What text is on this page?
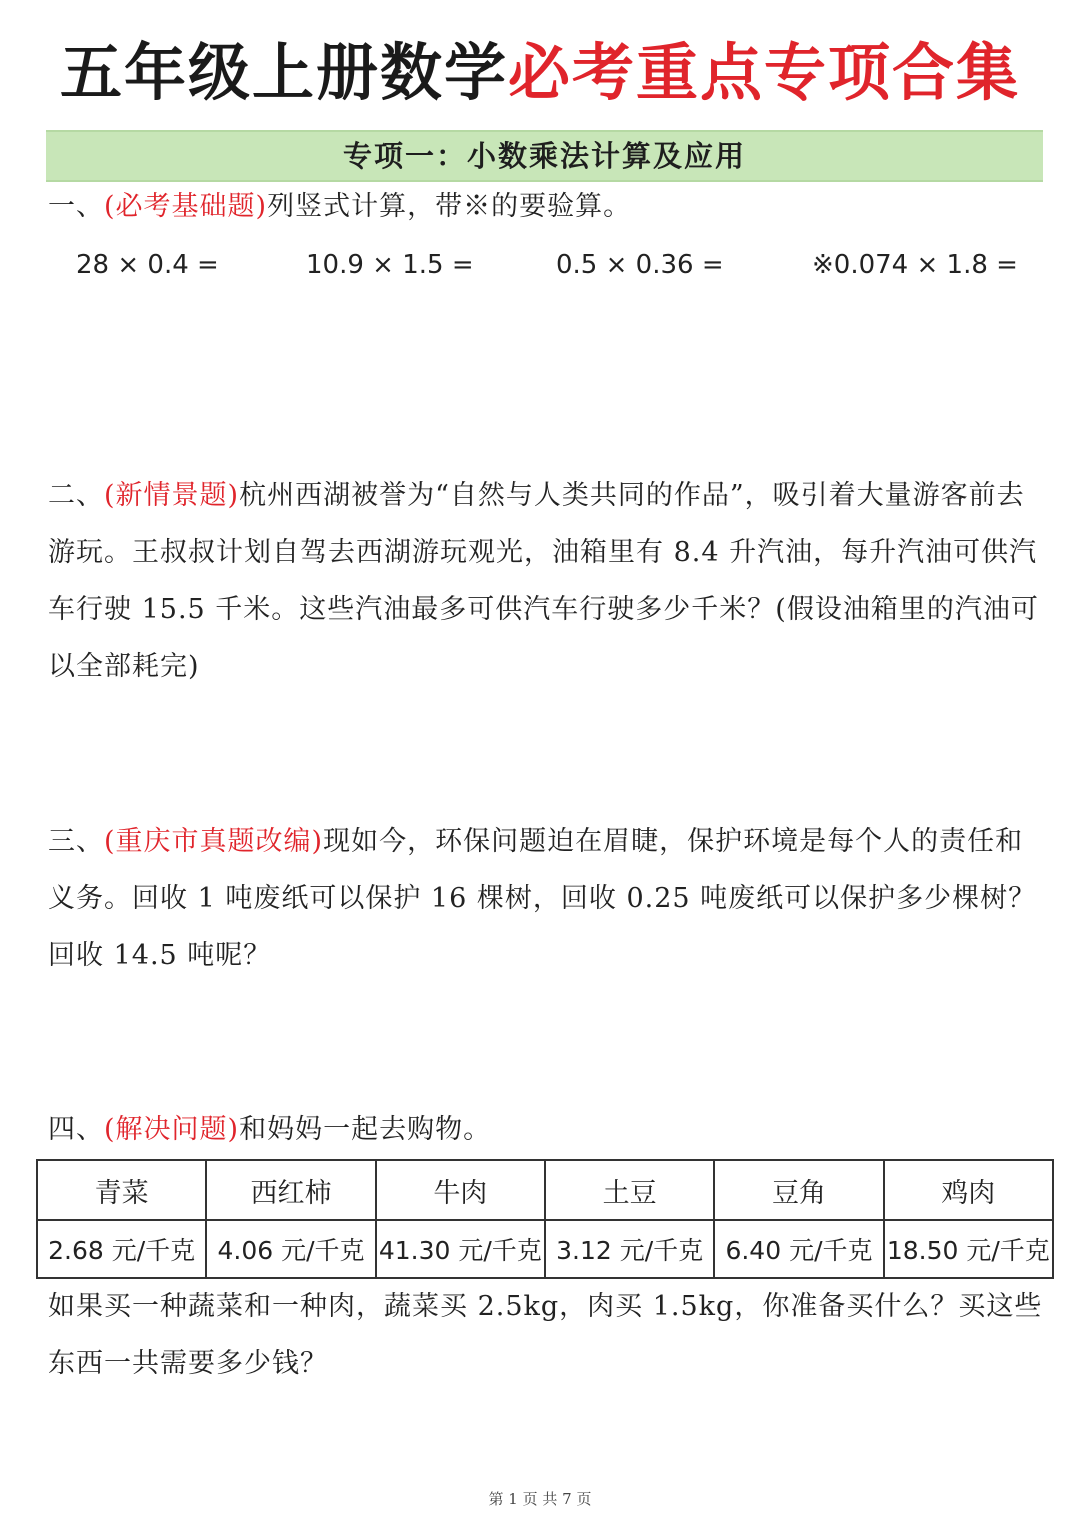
五年级上册数学必考重点专项合集
专项一：小数乘法计算及应用
一、(必考基础题)列竖式计算，带※的要验算。
28 × 0.4 =	10.9 × 1.5 =	0.5 × 0.36 =	※0.074 × 1.8 =
二、(新情景题)杭州西湖被誉为“自然与人类共同的作品”，吸引着大量游客前去游玩。王叔叔计划自驾去西湖游玩观光，油箱里有 8.4 升汽油，每升汽油可供汽车行驶 15.5 千米。这些汽油最多可供汽车行驶多少千米？(假设油箱里的汽油可以全部耗完)
三、(重庆市真题改编)现如今，环保问题迫在眉睫，保护环境是每个人的责任和义务。回收 1 吨废纸可以保护 16 棵树，回收 0.25 吨废纸可以保护多少棵树？回收 14.5 吨呢？
四、(解决问题)和妈妈一起去购物。
青菜	西红柿	牛肉	土豆	豆角	鸡肉
2.68 元/千克	4.06 元/千克	41.30 元/千克	3.12 元/千克	6.40 元/千克	18.50 元/千克
如果买一种蔬菜和一种肉，蔬菜买 2.5kg，肉买 1.5kg，你准备买什么？买这些东西一共需要多少钱？
第 1 页 共 7 页
